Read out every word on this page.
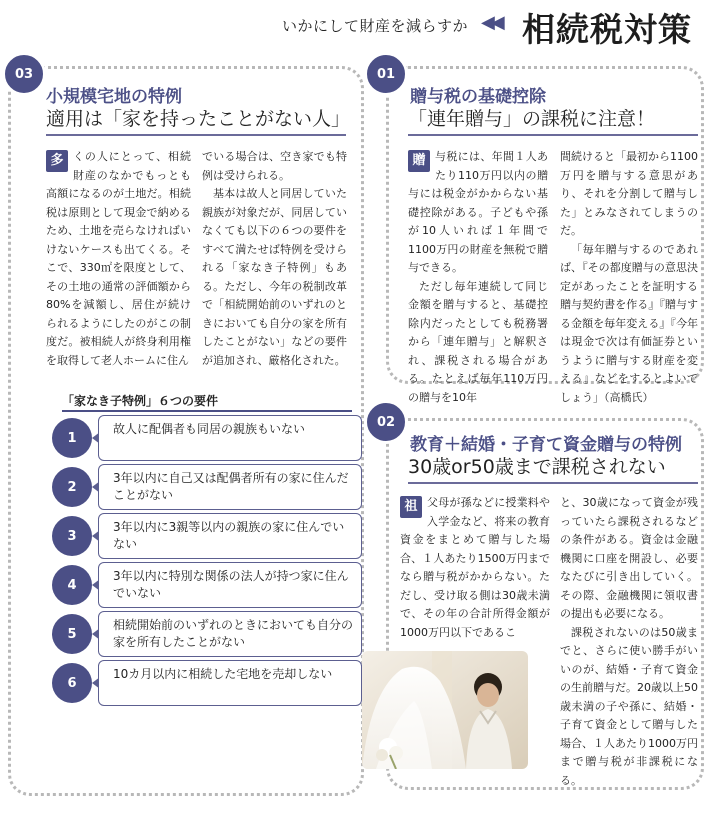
いかにして財産を減らすか ◀◀ 相続税対策
03
小規模宅地の特例
適用は「家を持ったことがない人」
多 くの人にとって、相続財産のなかでもっとも高額になるのが土地だ。相続税は原則として現金で納めるため、土地を売らなければいけないケースも出てくる。そこで、330㎡を限度として、その土地の通常の評価額から80%を減額し、居住が続けられるようにしたのがこの制度だ。被相続人が終身利用権を取得して老人ホームに住ん

でいる場合は、空き家でも特例は受けられる。

基本は故人と同居していた親族が対象だが、同居していなくても以下の６つの要件をすべて満たせば特例を受けられる「家なき子特例」もある。ただし、今年の税制改革で「相続開始前のいずれのときにおいても自分の家を所有したことがない」などの要件が追加され、厳格化された。

「家なき子特例」６つの要件
1
故人に配偶者も同居の親族もいない
2
3年以内に自己又は配偶者所有の家に住んだことがない
3
3年以内に3親等以内の親族の家に住んでいない
4
3年以内に特別な関係の法人が持つ家に住んでいない
5
相続開始前のいずれのときにおいても自分の家を所有したことがない
6
10カ月以内に相続した宅地を売却しない
01
贈与税の基礎控除
「連年贈与」の課税に注意！
贈 与税には、年間１人あたり110万円以内の贈与には税金がかからない基礎控除がある。子どもや孫が10人いれば１年間で1100万円の財産を無税で贈与できる。

ただし毎年連続して同じ金額を贈与すると、基礎控除内だったとしても税務署から「連年贈与」と解釈され、課税される場合がある。たとえば毎年110万円の贈与を10年

間続けると「最初から1100万円を贈与する意思があり、それを分割して贈与した」とみなされてしまうのだ。

「毎年贈与するのであれば、『その都度贈与の意思決定があったことを証明する贈与契約書を作る』『贈与する金額を毎年変える』『今年は現金で次は有価証券というように贈与する財産を変える』などをするとよいでしょう」（高橋氏）

02
教育＋結婚・子育て資金贈与の特例
30歳or50歳まで課税されない
祖 父母が孫などに授業料や入学金など、将来の教育資金をまとめて贈与した場合、１人あたり1500万円までなら贈与税がかからない。ただし、受け取る側は30歳未満で、その年の合計所得金額が1000万円以下であるこ

と、30歳になって資金が残っていたら課税されるなどの条件がある。資金は金融機関に口座を開設し、必要なたびに引き出していく。その際、金融機関に領収書の提出も必要になる。

課税されないのは50歳までと、さらに使い勝手がいいのが、結婚・子育て資金の生前贈与だ。20歳以上50歳未満の子や孫に、結婚・子育て資金として贈与した場合、１人あたり1000万円まで贈与税が非課税になる。
